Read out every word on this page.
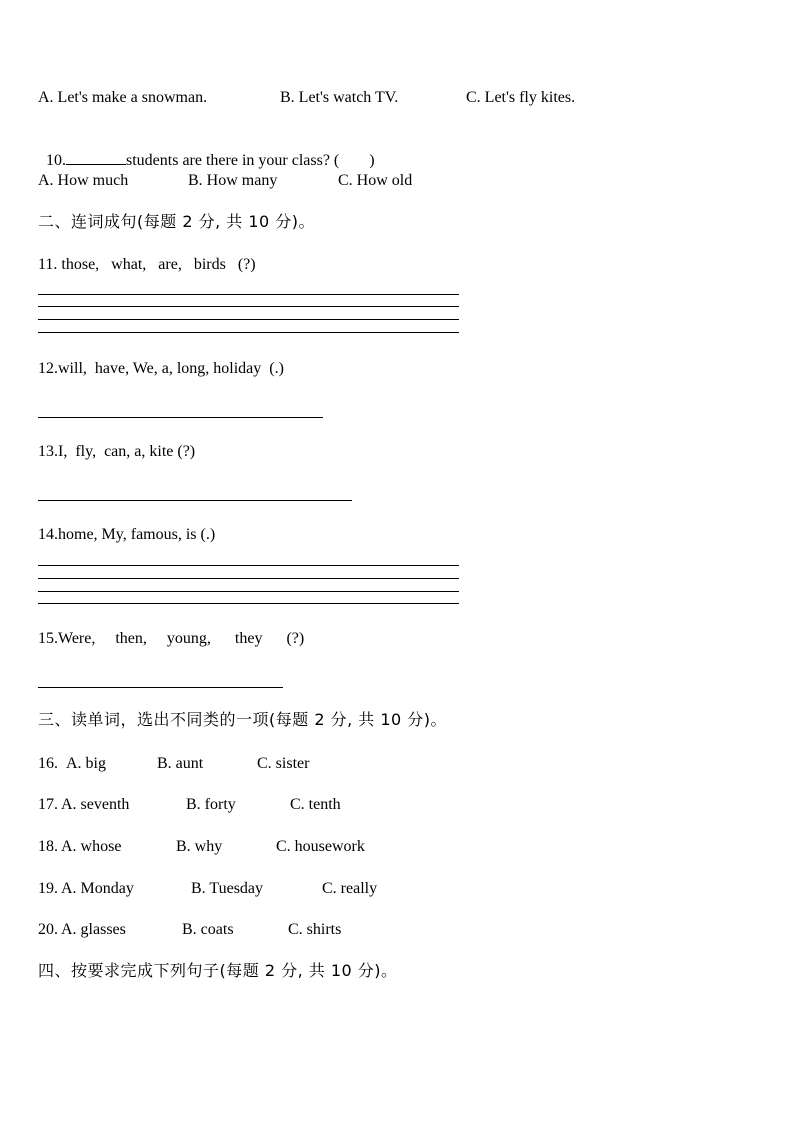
A. Let's make a snowman.	B. Let's watch TV.	C. Let's fly kites.

10.	students are there in your class? ( )

A. How much	B. How many	C. How old
二、连词成句(每题 2 分, 共 10 分)。
11. those,   what,   are,   birds   (?)
12.will,  have, We, a, long, holiday  (.)
13.I,  fly,  can, a, kite (?)
14.home, My, famous, is (.)
15.Were,     then,     young,      they      (?)
三、读单词，选出不同类的一项(每题 2 分, 共 10 分)。
16. A. big	B. aunt	C. sister
17. A. seventh	B. forty	C. tenth
18. A. whose	B. why	C. housework
19. A. Monday	B. Tuesday	C. really
20. A. glasses	B. coats	C. shirts
四、按要求完成下列句子(每题 2 分, 共 10 分)。
